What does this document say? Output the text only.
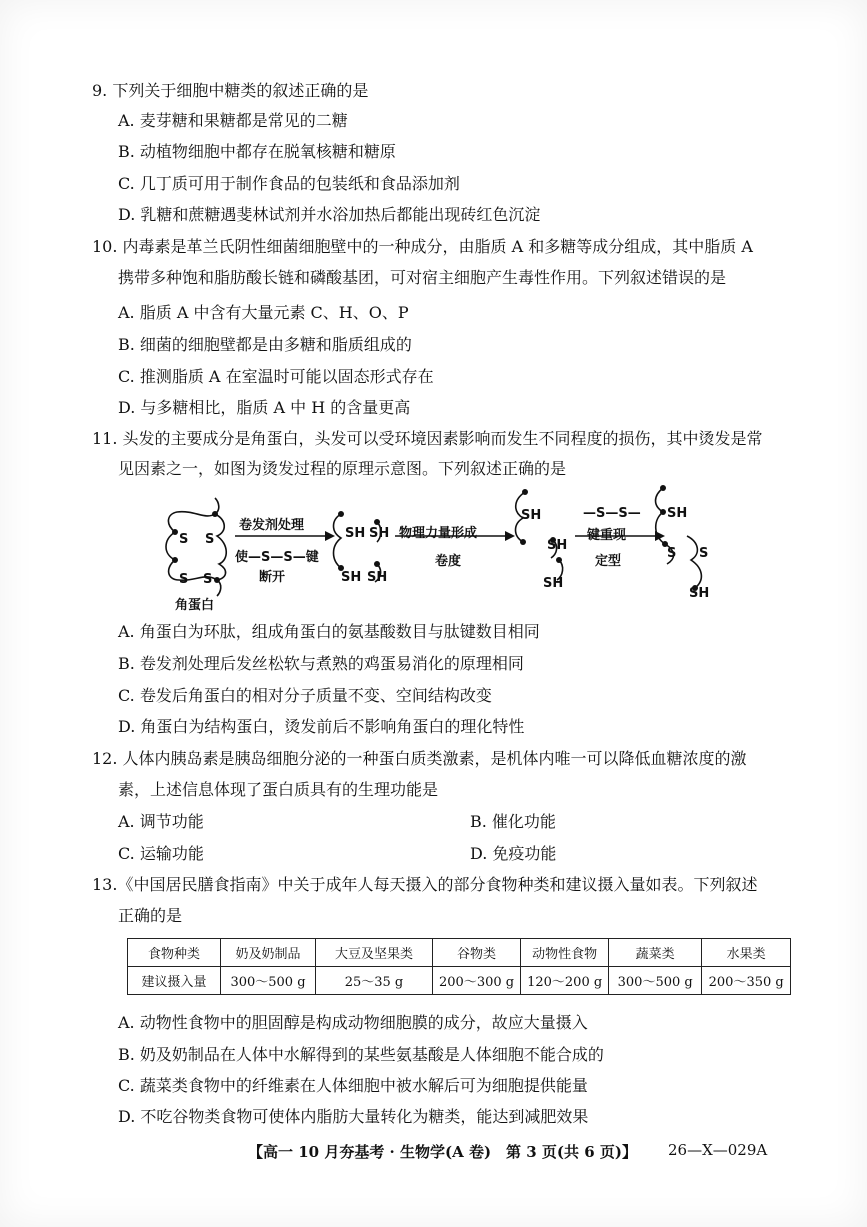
9. 下列关于细胞中糖类的叙述正确的是
A. 麦芽糖和果糖都是常见的二糖
B. 动植物细胞中都存在脱氧核糖和糖原
C. 几丁质可用于制作食品的包装纸和食品添加剂
D. 乳糖和蔗糖遇斐林试剂并水浴加热后都能出现砖红色沉淀
10. 内毒素是革兰氏阴性细菌细胞壁中的一种成分，由脂质 A 和多糖等成分组成，其中脂质 A
携带多种饱和脂肪酸长链和磷酸基团，可对宿主细胞产生毒性作用。下列叙述错误的是
A. 脂质 A 中含有大量元素 C、H、O、P
B. 细菌的细胞壁都是由多糖和脂质组成的
C. 推测脂质 A 在室温时可能以固态形式存在
D. 与多糖相比，脂质 A 中 H 的含量更高
11. 头发的主要成分是角蛋白，头发可以受环境因素影响而发生不同程度的损伤，其中烫发是常
见因素之一，如图为烫发过程的原理示意图。下列叙述正确的是
S S
S S
角蛋白
卷发剂处理
使—S—S—键
断开
SH SH
SH SH
物理力量形成
卷度
SH
SH
SH
—S—S—
键重现
定型
SH
S S
SH
A. 角蛋白为环肽，组成角蛋白的氨基酸数目与肽键数目相同
B. 卷发剂处理后发丝松软与煮熟的鸡蛋易消化的原理相同
C. 卷发后角蛋白的相对分子质量不变、空间结构改变
D. 角蛋白为结构蛋白，烫发前后不影响角蛋白的理化特性
12. 人体内胰岛素是胰岛细胞分泌的一种蛋白质类激素，是机体内唯一可以降低血糖浓度的激
素，上述信息体现了蛋白质具有的生理功能是
A. 调节功能	B. 催化功能
C. 运输功能	D. 免疫功能
13.《中国居民膳食指南》中关于成年人每天摄入的部分食物种类和建议摄入量如表。下列叙述
正确的是
食物种类	奶及奶制品	大豆及坚果类	谷物类	动物性食物	蔬菜类	水果类
建议摄入量	300～500 g	25～35 g	200～300 g	120～200 g	300～500 g	200～350 g
A. 动物性食物中的胆固醇是构成动物细胞膜的成分，故应大量摄入
B. 奶及奶制品在人体中水解得到的某些氨基酸是人体细胞不能合成的
C. 蔬菜类食物中的纤维素在人体细胞中被水解后可为细胞提供能量
D. 不吃谷物类食物可使体内脂肪大量转化为糖类，能达到减肥效果
【高一 10 月夯基考 · 生物学(A 卷)　第 3 页(共 6 页)】 26—X—029A
